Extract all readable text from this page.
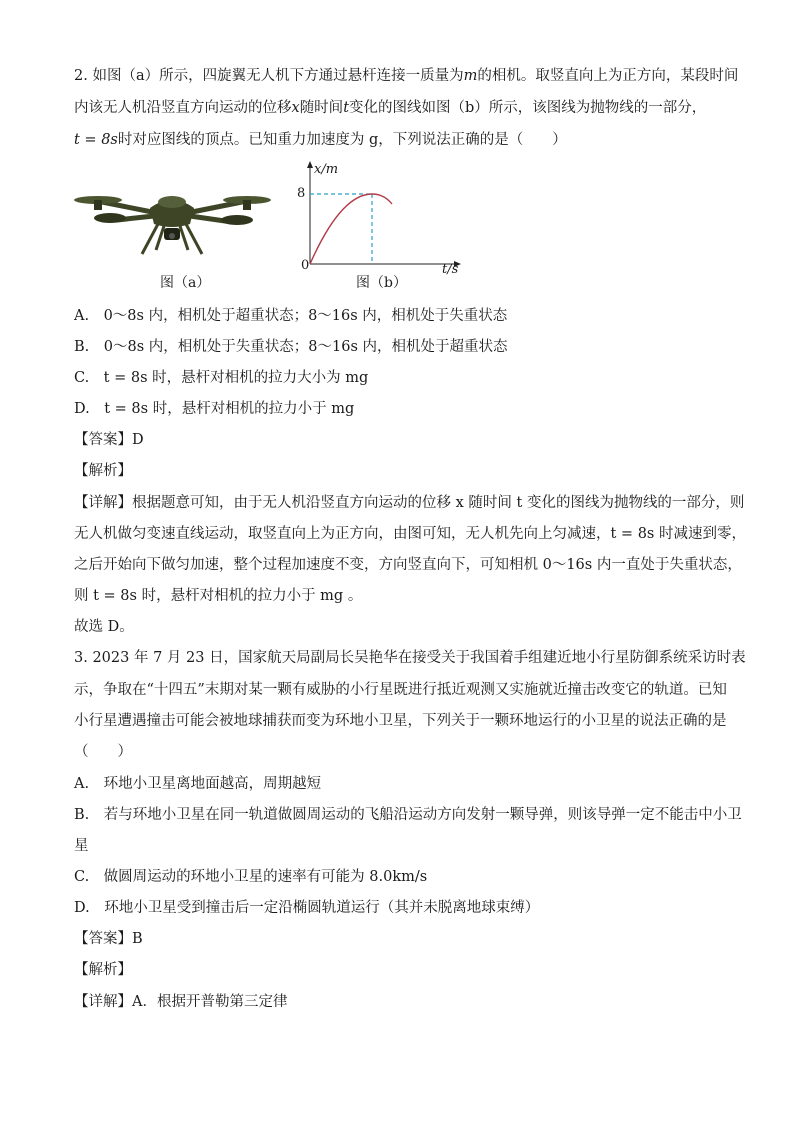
2. 如图（a）所示，四旋翼无人机下方通过悬杆连接一质量为m的相机。取竖直向上为正方向，某段时间
内该无人机沿竖直方向运动的位移x随时间t变化的图线如图（b）所示，该图线为抛物线的一部分，
t = 8s时对应图线的顶点。已知重力加速度为 g，下列说法正确的是（　　）
图（a）
x/m
8
0	t/s
图（b）
A.　0～8s 内，相机处于超重状态；8～16s 内，相机处于失重状态
B.　0～8s 内，相机处于失重状态；8～16s 内，相机处于超重状态
C.　t = 8s 时，悬杆对相机的拉力大小为 mg
D.　t = 8s 时，悬杆对相机的拉力小于 mg
【答案】D
【解析】
【详解】根据题意可知，由于无人机沿竖直方向运动的位移 x 随时间 t 变化的图线为抛物线的一部分，则
无人机做匀变速直线运动，取竖直向上为正方向，由图可知，无人机先向上匀减速，t = 8s 时减速到零，
之后开始向下做匀加速，整个过程加速度不变，方向竖直向下，可知相机 0～16s 内一直处于失重状态，
则 t = 8s 时，悬杆对相机的拉力小于 mg 。
故选 D。
3. 2023 年 7 月 23 日，国家航天局副局长吴艳华在接受关于我国着手组建近地小行星防御系统采访时表
示，争取在“十四五”末期对某一颗有威胁的小行星既进行抵近观测又实施就近撞击改变它的轨道。已知
小行星遭遇撞击可能会被地球捕获而变为环地小卫星，下列关于一颗环地运行的小卫星的说法正确的是
（　　）
A.　环地小卫星离地面越高，周期越短
B.　若与环地小卫星在同一轨道做圆周运动的飞船沿运动方向发射一颗导弹，则该导弹一定不能击中小卫
星
C.　做圆周运动的环地小卫星的速率有可能为 8.0km/s
D.　环地小卫星受到撞击后一定沿椭圆轨道运行（其并未脱离地球束缚）
【答案】B
【解析】
【详解】A．根据开普勒第三定律
